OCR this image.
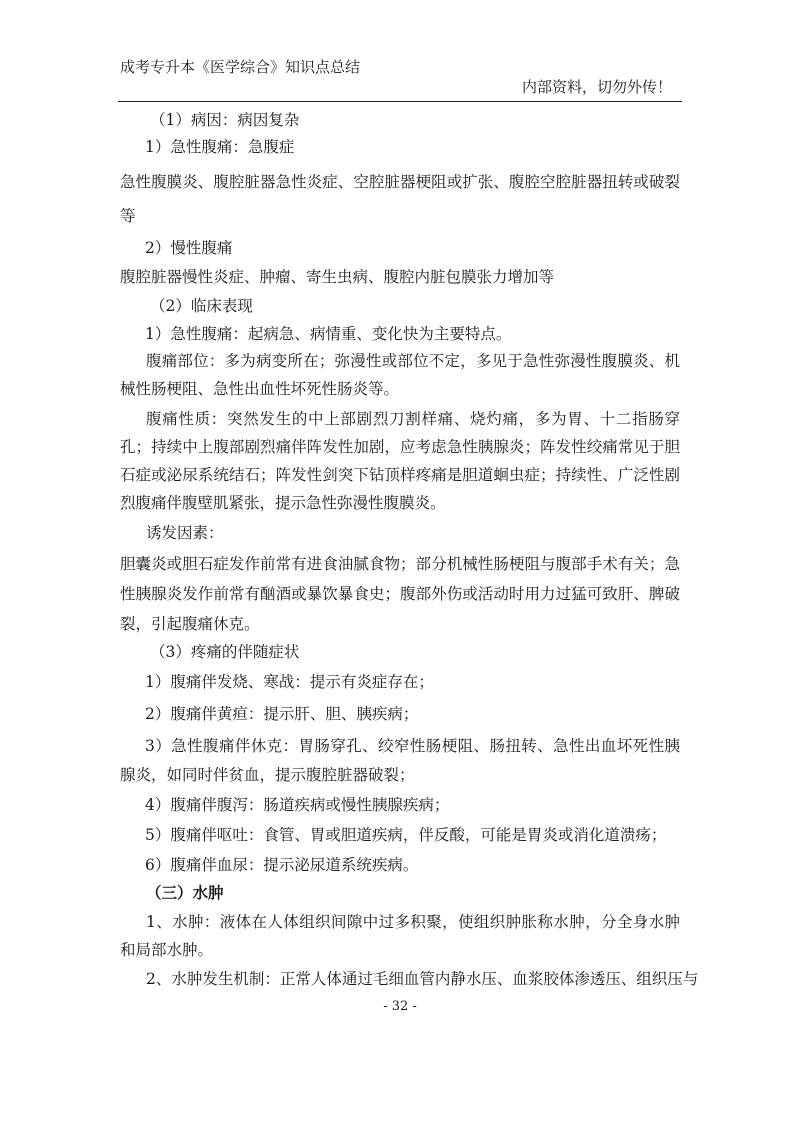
成考专升本《医学综合》知识点总结
内部资料，切勿外传！
（1）病因：病因复杂
1）急性腹痛：急腹症
急性腹膜炎、腹腔脏器急性炎症、空腔脏器梗阻或扩张、腹腔空腔脏器扭转或破裂等
2）慢性腹痛
腹腔脏器慢性炎症、肿瘤、寄生虫病、腹腔内脏包膜张力增加等
（2）临床表现
1）急性腹痛：起病急、病情重、变化快为主要特点。
腹痛部位：多为病变所在；弥漫性或部位不定，多见于急性弥漫性腹膜炎、机械性肠梗阻、急性出血性坏死性肠炎等。
腹痛性质：突然发生的中上部剧烈刀割样痛、烧灼痛，多为胃、十二指肠穿孔；持续中上腹部剧烈痛伴阵发性加剧，应考虑急性胰腺炎；阵发性绞痛常见于胆石症或泌尿系统结石；阵发性剑突下钻顶样疼痛是胆道蛔虫症；持续性、广泛性剧烈腹痛伴腹壁肌紧张，提示急性弥漫性腹膜炎。
诱发因素：
胆囊炎或胆石症发作前常有进食油腻食物；部分机械性肠梗阻与腹部手术有关；急性胰腺炎发作前常有酗酒或暴饮暴食史；腹部外伤或活动时用力过猛可致肝、脾破裂，引起腹痛休克。
（3）疼痛的伴随症状
1）腹痛伴发烧、寒战：提示有炎症存在；
2）腹痛伴黄疸：提示肝、胆、胰疾病；
3）急性腹痛伴休克：胃肠穿孔、绞窄性肠梗阻、肠扭转、急性出血坏死性胰腺炎，如同时伴贫血，提示腹腔脏器破裂；
4）腹痛伴腹泻：肠道疾病或慢性胰腺疾病；
5）腹痛伴呕吐：食管、胃或胆道疾病，伴反酸，可能是胃炎或消化道溃疡；
6）腹痛伴血尿：提示泌尿道系统疾病。
（三）水肿
1、水肿：液体在人体组织间隙中过多积聚，使组织肿胀称水肿，分全身水肿和局部水肿。
2、水肿发生机制：正常人体通过毛细血管内静水压、血浆胶体渗透压、组织压与
- 32 -
